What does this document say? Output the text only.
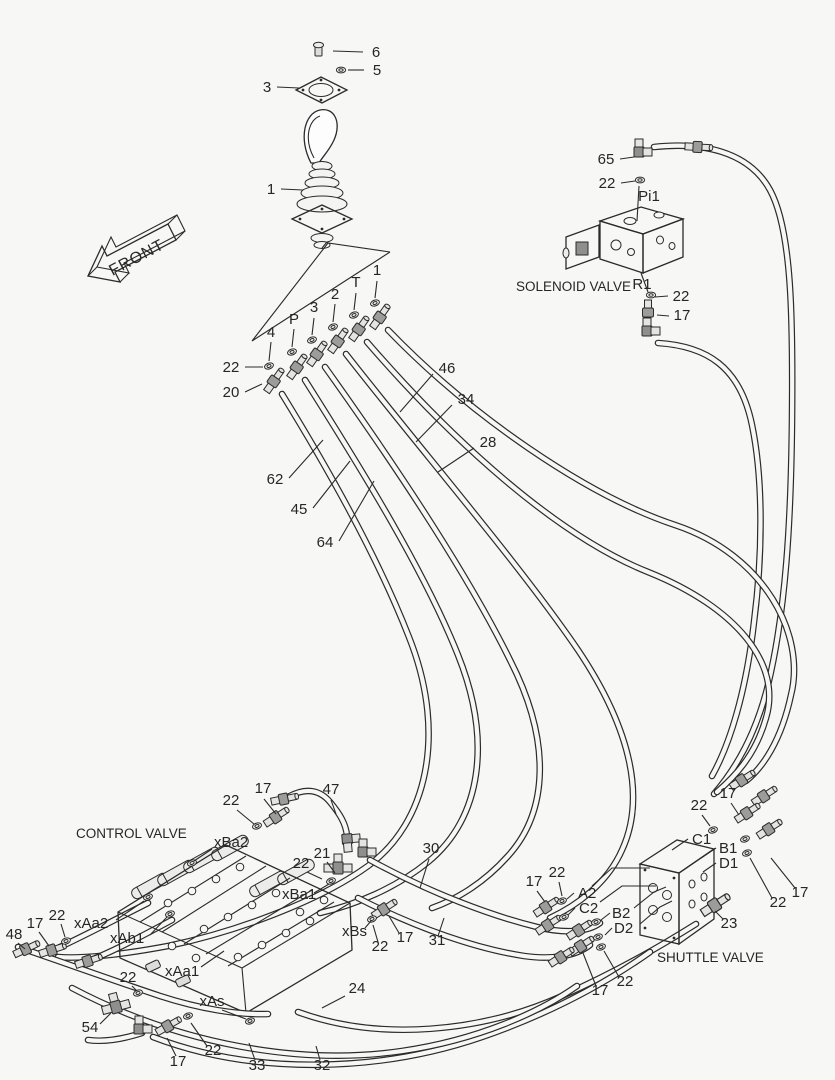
6
5
3
1
4
P
3
2
T
1
22
20
46
34
28
62
45
64
65
22
Pi1
SOLENOID VALVE R1
22
17
CONTROL VALVE
17
22
xBa2
47
21
22
xBa1
30
xBs
22
17 31
xAa2
xAb1
48
17 22
xAa1
22
54
xAs
17
22
33	32
24
17
22
A2
C2 B2
D2
22
17
SHUTTLE VALVE
23
22
17
C1
B1
D1
22
17
FRONT
